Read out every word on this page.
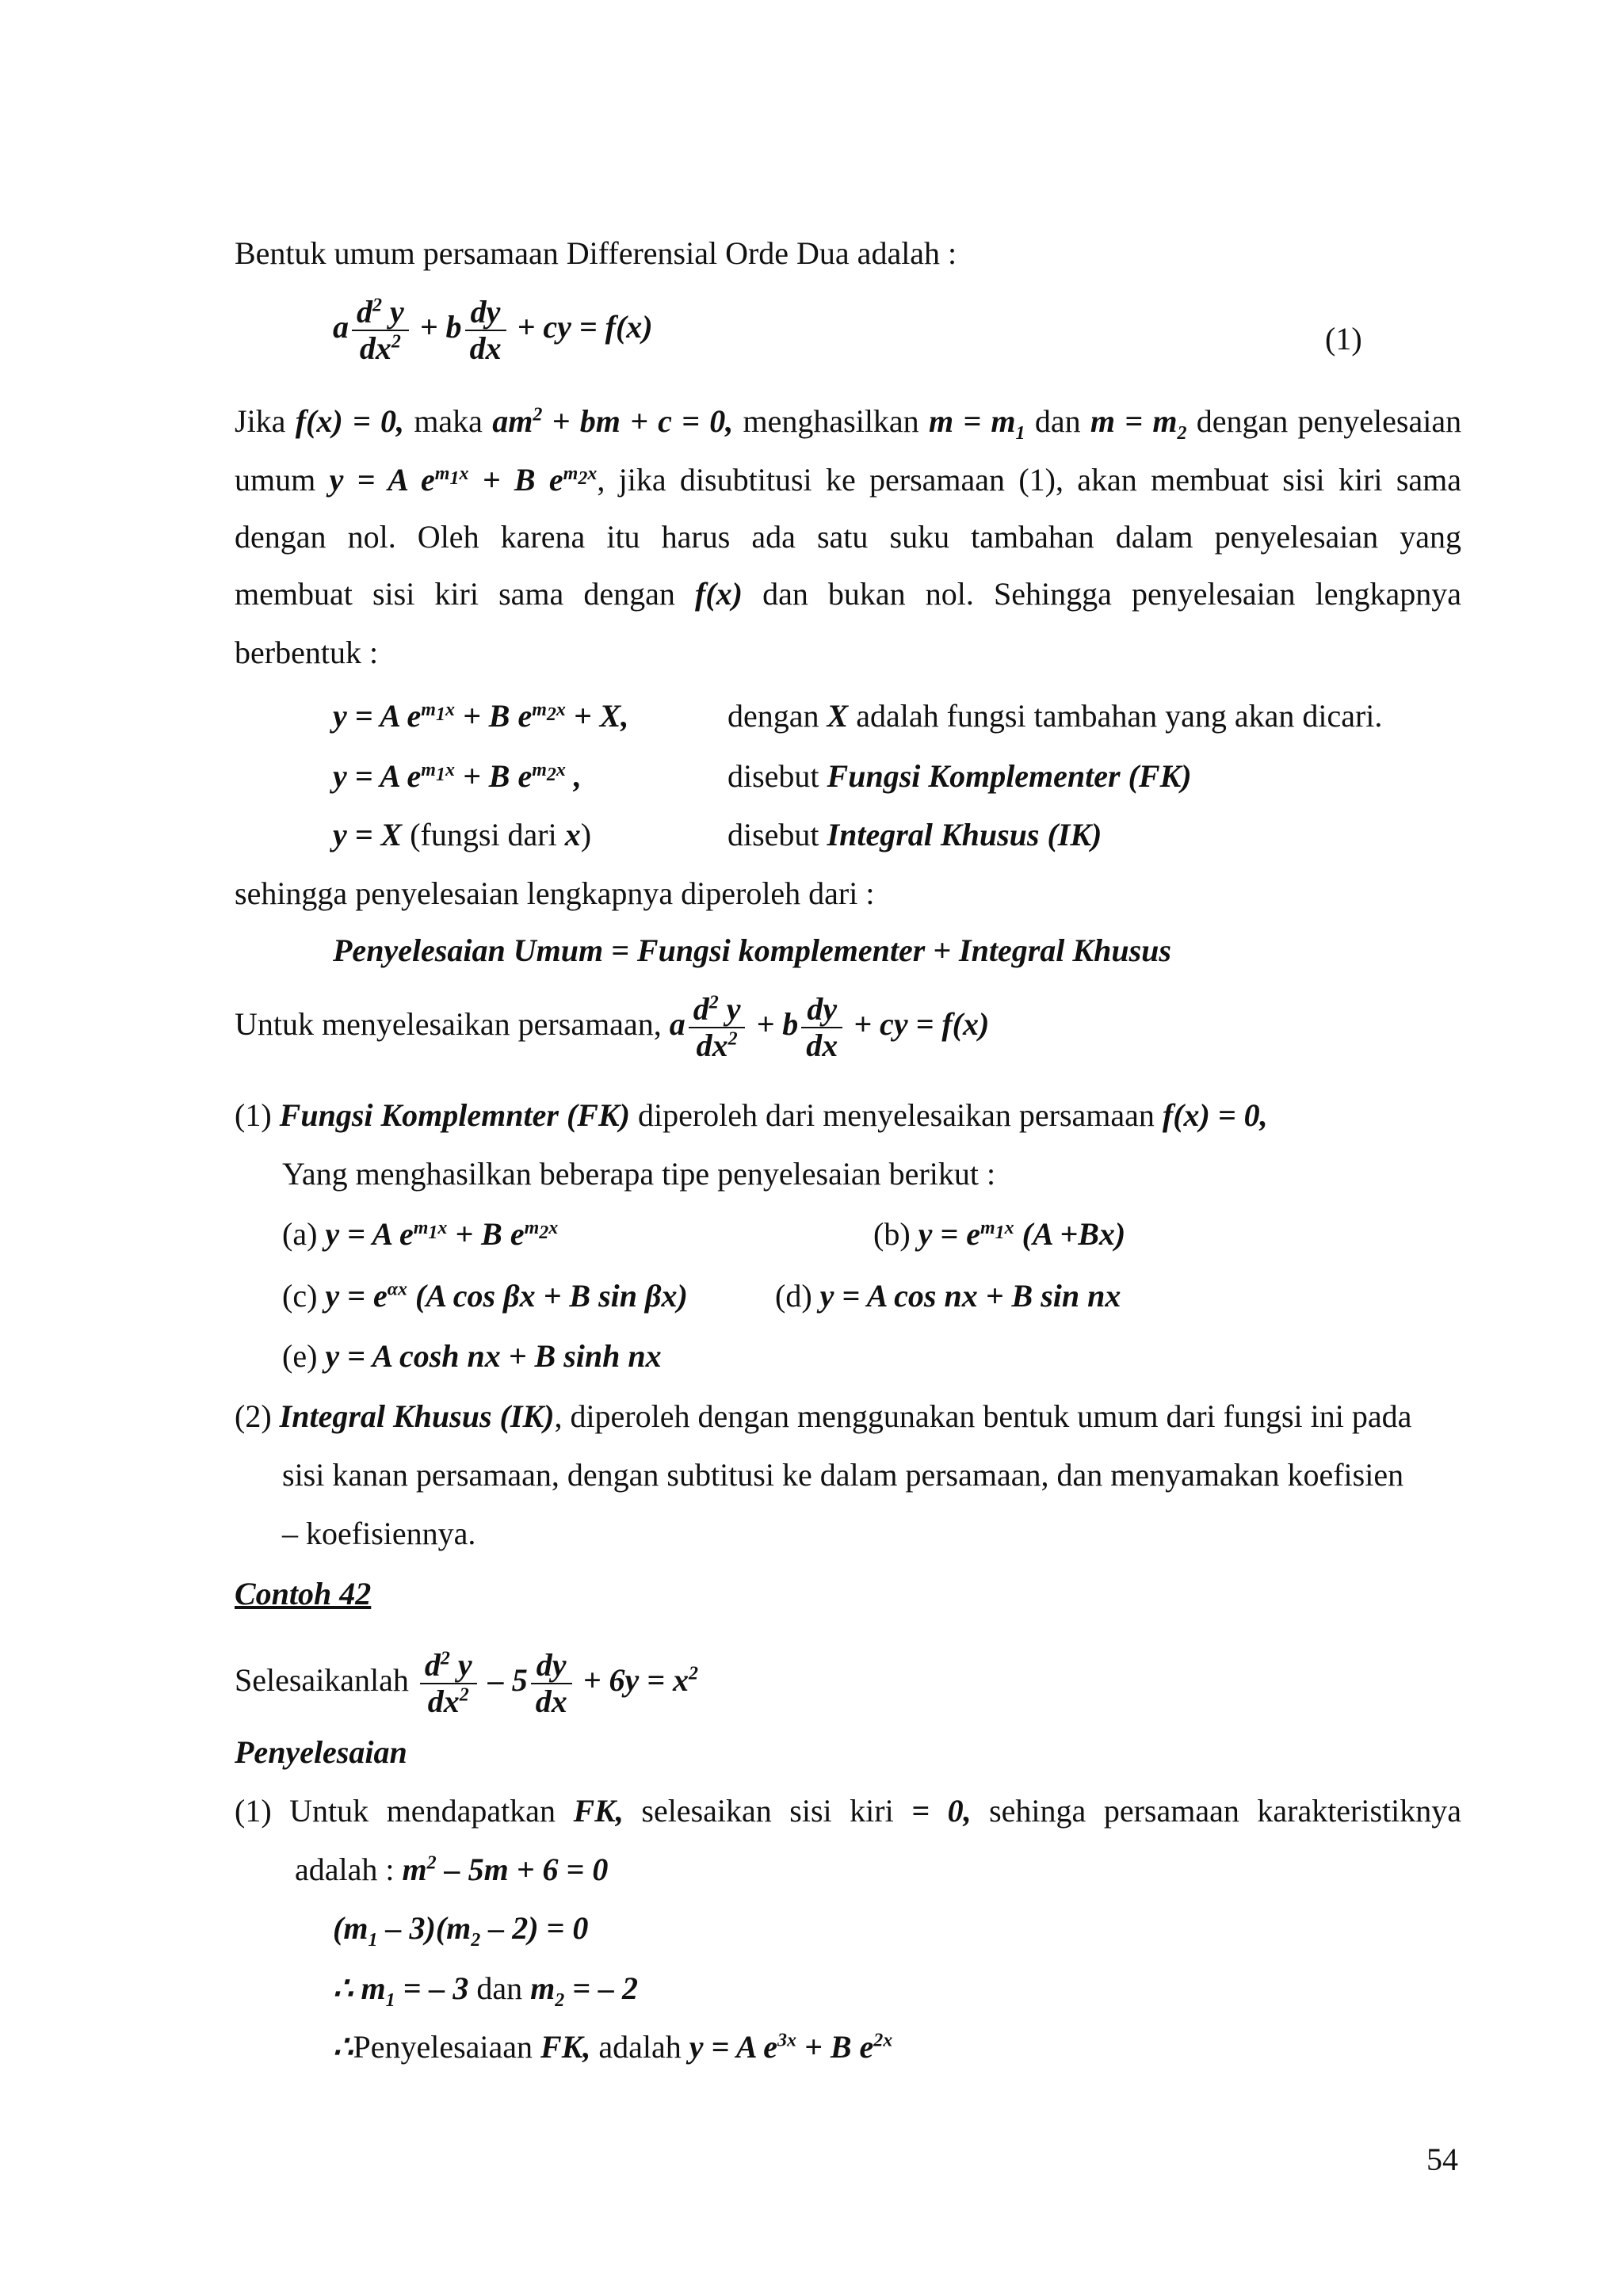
Bentuk umum persamaan Differensial Orde Dua adalah :
a $\frac{d^2 y}{dx^2} + b \frac{dy}{dx}$ + cy = f(x)	(1)
Jika f(x) = 0, maka $am^2$ + bm + c = 0, menghasilkan $m = m_1$ dan $m = m_2$ dengan penyelesaian
umum y = A $e^{m_1x} + B$ $e^{m_2x}$, jika disubtitusi ke persamaan (1), akan membuat sisi kiri sama
dengan nol. Oleh karena itu harus ada satu suku tambahan dalam penyelesaian yang
membuat sisi kiri sama dengan f(x) dan bukan nol. Sehingga penyelesaian lengkapnya
berbentuk :
y = A $e^{m_1x} + B$ $e^{m_2x} + X$,	dengan X adalah fungsi tambahan yang akan dicari.
y = A $e^{m_1x} + B$ $e^{m_2x}$ ,	disebut Fungsi Komplementer (FK)
y = X (fungsi dari x)	disebut Integral Khusus (IK)
sehingga penyelesaian lengkapnya diperoleh dari :
Penyelesaian Umum = Fungsi komplementer + Integral Khusus
Untuk menyelesaikan persamaan, a $\frac{d^2 y}{dx^2} + b \frac{dy}{dx}$ + cy = f(x)
(1) Fungsi Komplemnter (FK) diperoleh dari menyelesaikan persamaan f(x) = 0,
Yang menghasilkan beberapa tipe penyelesaian berikut :
(a) y = A $e^{m_1x} + B$ $e^{m_2x}$	(b) $y = e^{m_1x}$ (A +Bx)
(c) $y = e^{\alpha x}$ (A cos βx + B sin βx)	(d) y = A cos nx + B sin nx
(e) y = A cosh nx + B sinh nx
(2) Integral Khusus (IK), diperoleh dengan menggunakan bentuk umum dari fungsi ini pada
sisi kanan persamaan, dengan subtitusi ke dalam persamaan, dan menyamakan koefisien
– koefisiennya.
Contoh 42
Selesaikanlah $\frac{d^2 y}{dx^2} - 5 \frac{dy}{dx} + 6y = x^2$
Penyelesaian
(1) Untuk mendapatkan FK, selesaikan sisi kiri = 0, sehinga persamaan karakteristiknya
adalah : $m^2 - 5m + 6 = 0$
$(m_1 - 3)(m_2 - 2) = 0$
∴ $m_1$ = – 3 dan $m_2$ = – 2
∴Penyelesaiaan FK, adalah y = A $e^{3x} + B$ $e^{2x}$
54
